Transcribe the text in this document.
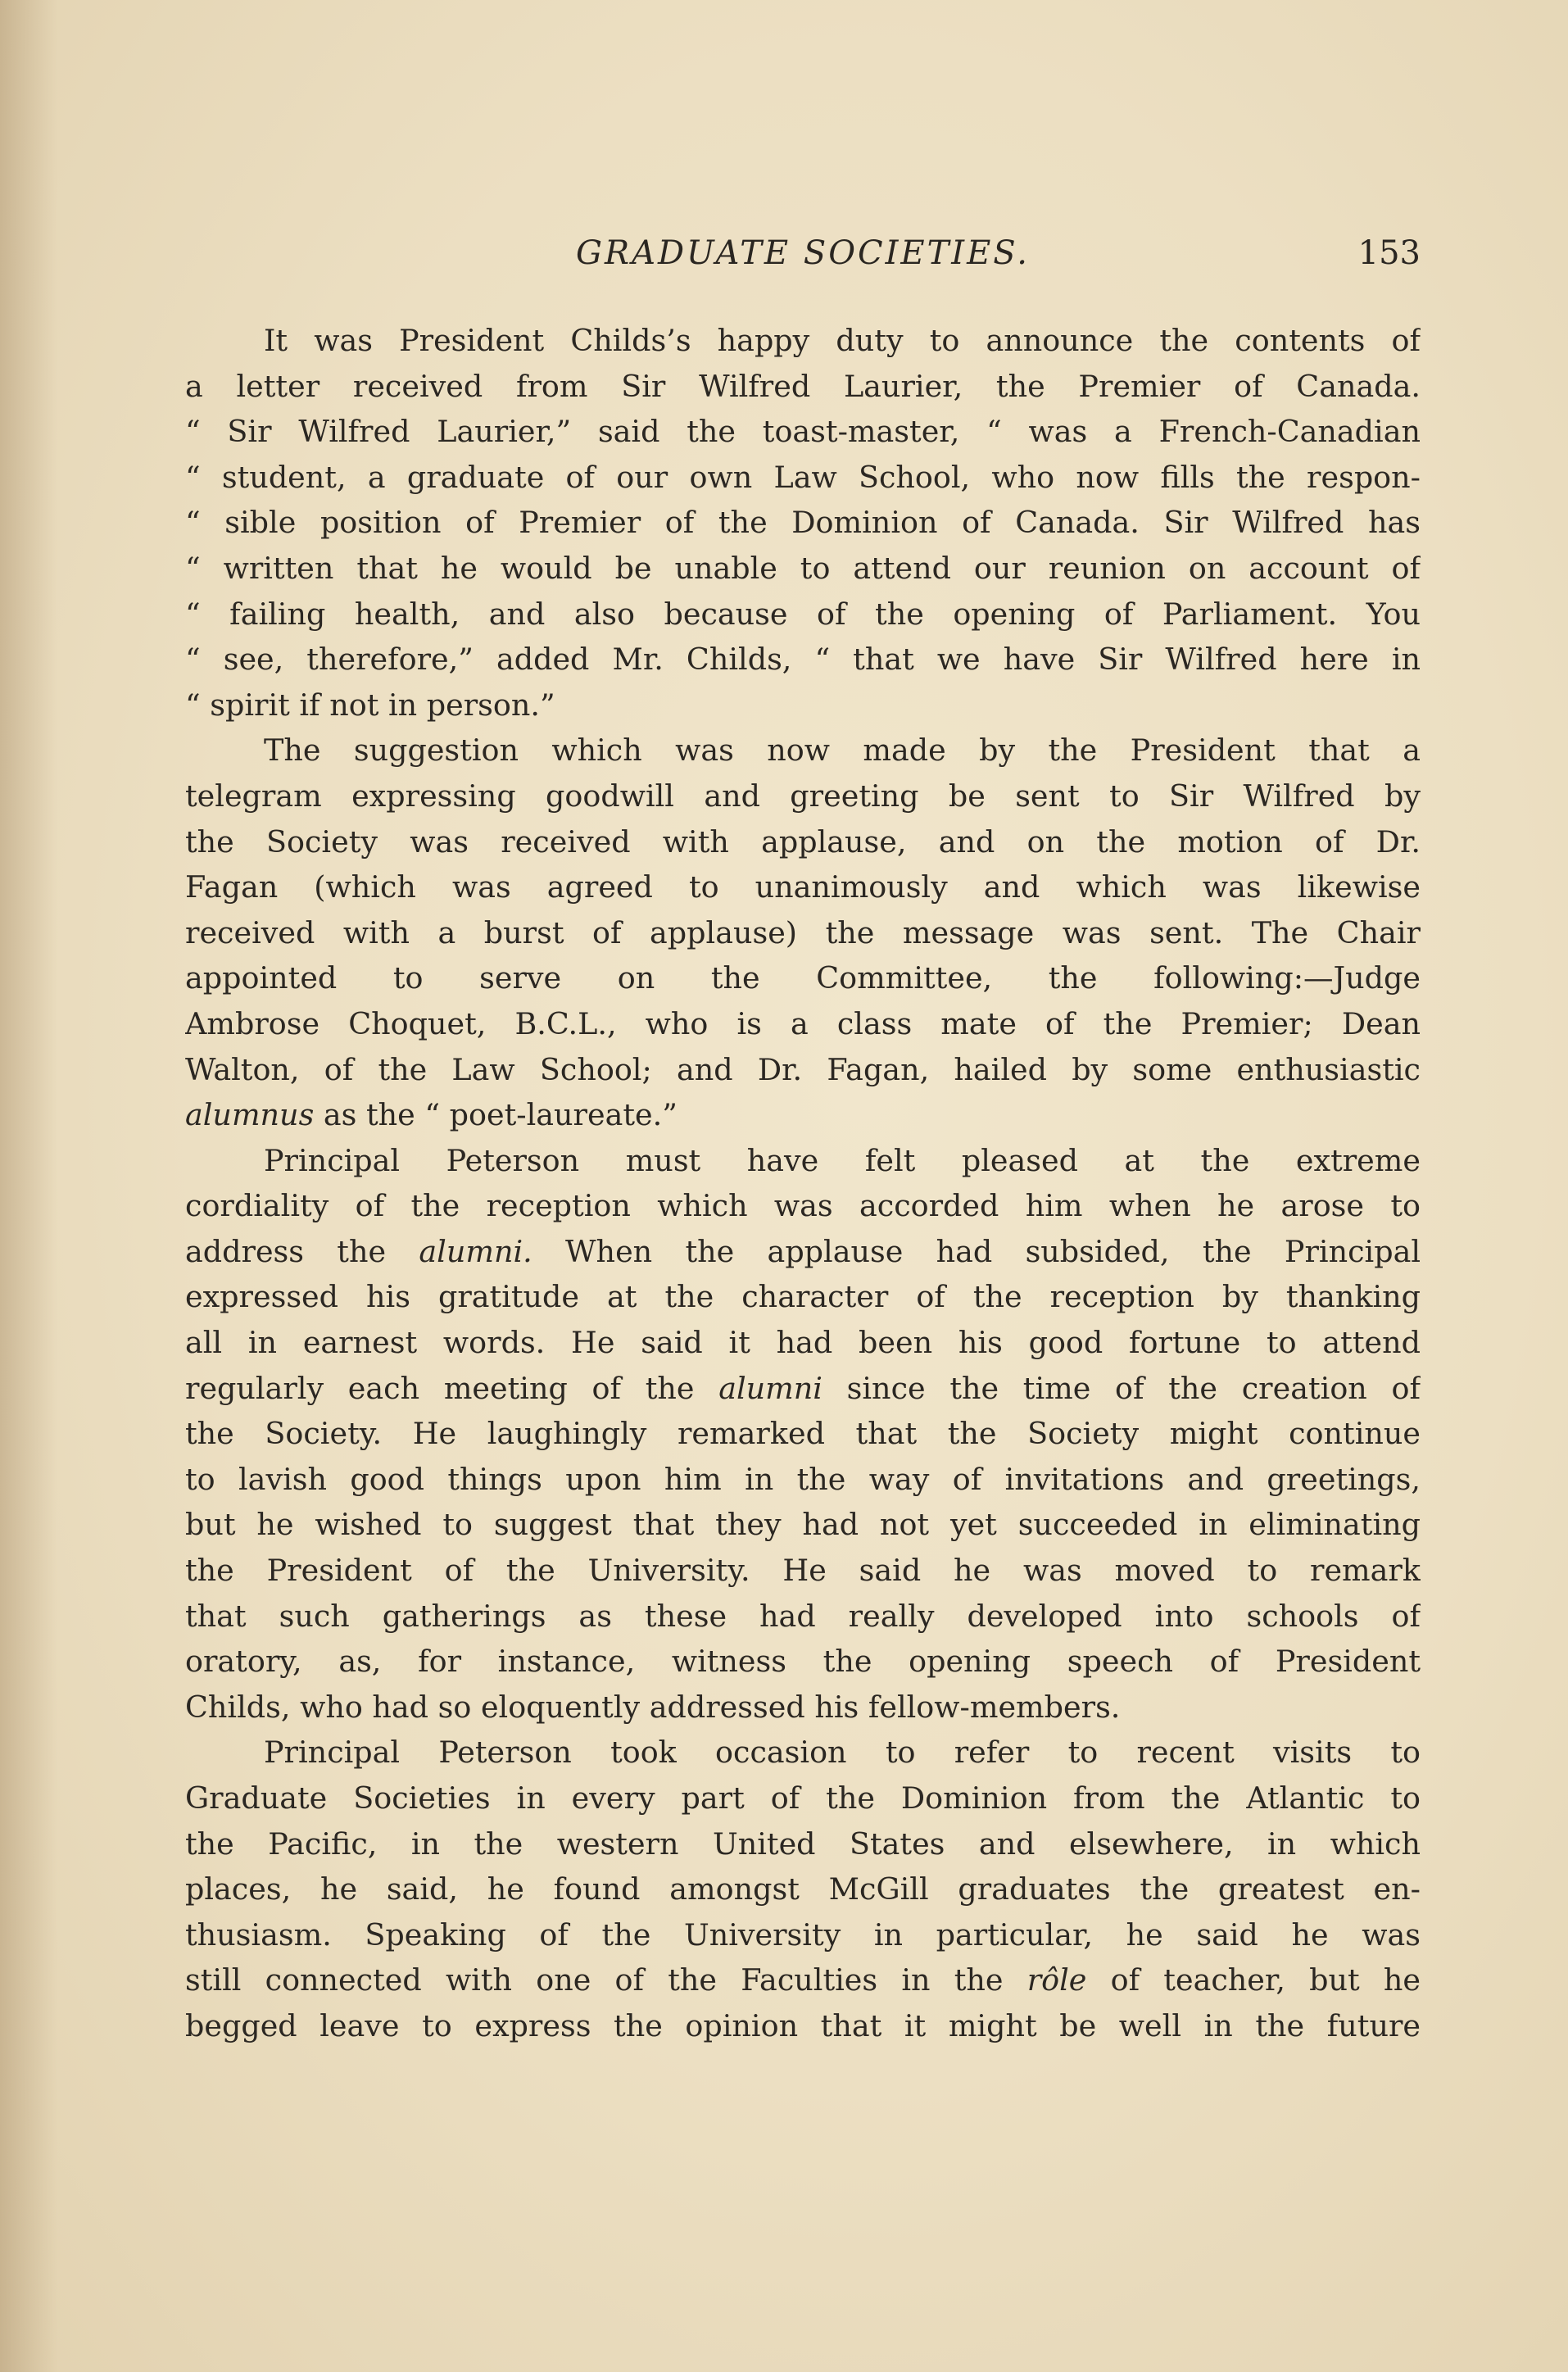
GRADUATE SOCIETIES.	153
It was President Childs’s happy duty to announce the contents of
a letter received from Sir Wilfred Laurier, the Premier of Canada.
“ Sir Wilfred Laurier,” said the toast-master, “ was a French-Canadian
“ student, a graduate of our own Law School, who now fills the respon-
“ sible position of Premier of the Dominion of Canada. Sir Wilfred has
“ written that he would be unable to attend our reunion on account of
“ failing health, and also because of the opening of Parliament. You
“ see, therefore,” added Mr. Childs, “ that we have Sir Wilfred here in
“ spirit if not in person.”
The suggestion which was now made by the President that a
telegram expressing goodwill and greeting be sent to Sir Wilfred by
the Society was received with applause, and on the motion of Dr.
Fagan (which was agreed to unanimously and which was likewise
received with a burst of applause) the message was sent. The Chair
appointed to serve on the Committee, the following:—Judge
Ambrose Choquet, B.C.L., who is a class mate of the Premier; Dean
Walton, of the Law School; and Dr. Fagan, hailed by some enthusiastic
alumnus as the “ poet-laureate.”
Principal Peterson must have felt pleased at the extreme
cordiality of the reception which was accorded him when he arose to
address the alumni. When the applause had subsided, the Principal
expressed his gratitude at the character of the reception by thanking
all in earnest words. He said it had been his good fortune to attend
regularly each meeting of the alumni since the time of the creation of
the Society. He laughingly remarked that the Society might continue
to lavish good things upon him in the way of invitations and greetings,
but he wished to suggest that they had not yet succeeded in eliminating
the President of the University. He said he was moved to remark
that such gatherings as these had really developed into schools of
oratory, as, for instance, witness the opening speech of President
Childs, who had so eloquently addressed his fellow-members.
Principal Peterson took occasion to refer to recent visits to
Graduate Societies in every part of the Dominion from the Atlantic to
the Pacific, in the western United States and elsewhere, in which
places, he said, he found amongst McGill graduates the greatest en-
thusiasm. Speaking of the University in particular, he said he was
still connected with one of the Faculties in the rôle of teacher, but he
begged leave to express the opinion that it might be well in the future
